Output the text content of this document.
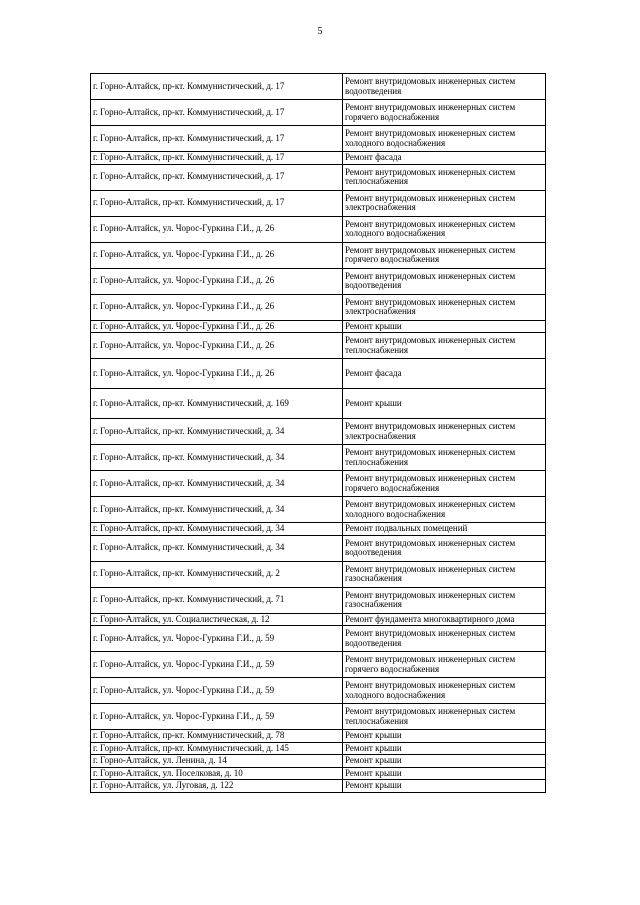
5
г. Горно-Алтайск, пр-кт. Коммунистический, д. 17	Ремонт внутридомовых инженерных систем водоотведения
г. Горно-Алтайск, пр-кт. Коммунистический, д. 17	Ремонт внутридомовых инженерных систем горячего водоснабжения
г. Горно-Алтайск, пр-кт. Коммунистический, д. 17	Ремонт внутридомовых инженерных систем холодного водоснабжения
г. Горно-Алтайск, пр-кт. Коммунистический, д. 17	Ремонт фасада
г. Горно-Алтайск, пр-кт. Коммунистический, д. 17	Ремонт внутридомовых инженерных систем теплоснабжения
г. Горно-Алтайск, пр-кт. Коммунистический, д. 17	Ремонт внутридомовых инженерных систем электроснабжения
г. Горно-Алтайск, ул. Чорос-Гуркина Г.И., д. 26	Ремонт внутридомовых инженерных систем холодного водоснабжения
г. Горно-Алтайск, ул. Чорос-Гуркина Г.И., д. 26	Ремонт внутридомовых инженерных систем горячего водоснабжения
г. Горно-Алтайск, ул. Чорос-Гуркина Г.И., д. 26	Ремонт внутридомовых инженерных систем водоотведения
г. Горно-Алтайск, ул. Чорос-Гуркина Г.И., д. 26	Ремонт внутридомовых инженерных систем электроснабжения
г. Горно-Алтайск, ул. Чорос-Гуркина Г.И., д. 26	Ремонт крыши
г. Горно-Алтайск, ул. Чорос-Гуркина Г.И., д. 26	Ремонт внутридомовых инженерных систем теплоснабжения
г. Горно-Алтайск, ул. Чорос-Гуркина Г.И., д. 26	Ремонт фасада
г. Горно-Алтайск, пр-кт. Коммунистический, д. 169	Ремонт крыши
г. Горно-Алтайск, пр-кт. Коммунистический, д. 34	Ремонт внутридомовых инженерных систем электроснабжения
г. Горно-Алтайск, пр-кт. Коммунистический, д. 34	Ремонт внутридомовых инженерных систем теплоснабжения
г. Горно-Алтайск, пр-кт. Коммунистический, д. 34	Ремонт внутридомовых инженерных систем горячего водоснабжения
г. Горно-Алтайск, пр-кт. Коммунистический, д. 34	Ремонт внутридомовых инженерных систем холодного водоснабжения
г. Горно-Алтайск, пр-кт. Коммунистический, д. 34	Ремонт подвальных помещений
г. Горно-Алтайск, пр-кт. Коммунистический, д. 34	Ремонт внутридомовых инженерных систем водоотведения
г. Горно-Алтайск, пр-кт. Коммунистический, д. 2	Ремонт внутридомовых инженерных систем газоснабжения
г. Горно-Алтайск, пр-кт. Коммунистический, д. 71	Ремонт внутридомовых инженерных систем газоснабжения
г. Горно-Алтайск, ул. Социалистическая, д. 12	Ремонт фундамента многоквартирного дома
г. Горно-Алтайск, ул. Чорос-Гуркина Г.И., д. 59	Ремонт внутридомовых инженерных систем водоотведения
г. Горно-Алтайск, ул. Чорос-Гуркина Г.И., д. 59	Ремонт внутридомовых инженерных систем горячего водоснабжения
г. Горно-Алтайск, ул. Чорос-Гуркина Г.И., д. 59	Ремонт внутридомовых инженерных систем холодного водоснабжения
г. Горно-Алтайск, ул. Чорос-Гуркина Г.И., д. 59	Ремонт внутридомовых инженерных систем теплоснабжения
г. Горно-Алтайск, пр-кт. Коммунистический, д. 78	Ремонт крыши
г. Горно-Алтайск, пр-кт. Коммунистический, д. 145	Ремонт крыши
г. Горно-Алтайск, ул. Ленина, д. 14	Ремонт крыши
г. Горно-Алтайск, ул. Поселковая, д. 10	Ремонт крыши
г. Горно-Алтайск, ул. Луговая, д. 122	Ремонт крыши
